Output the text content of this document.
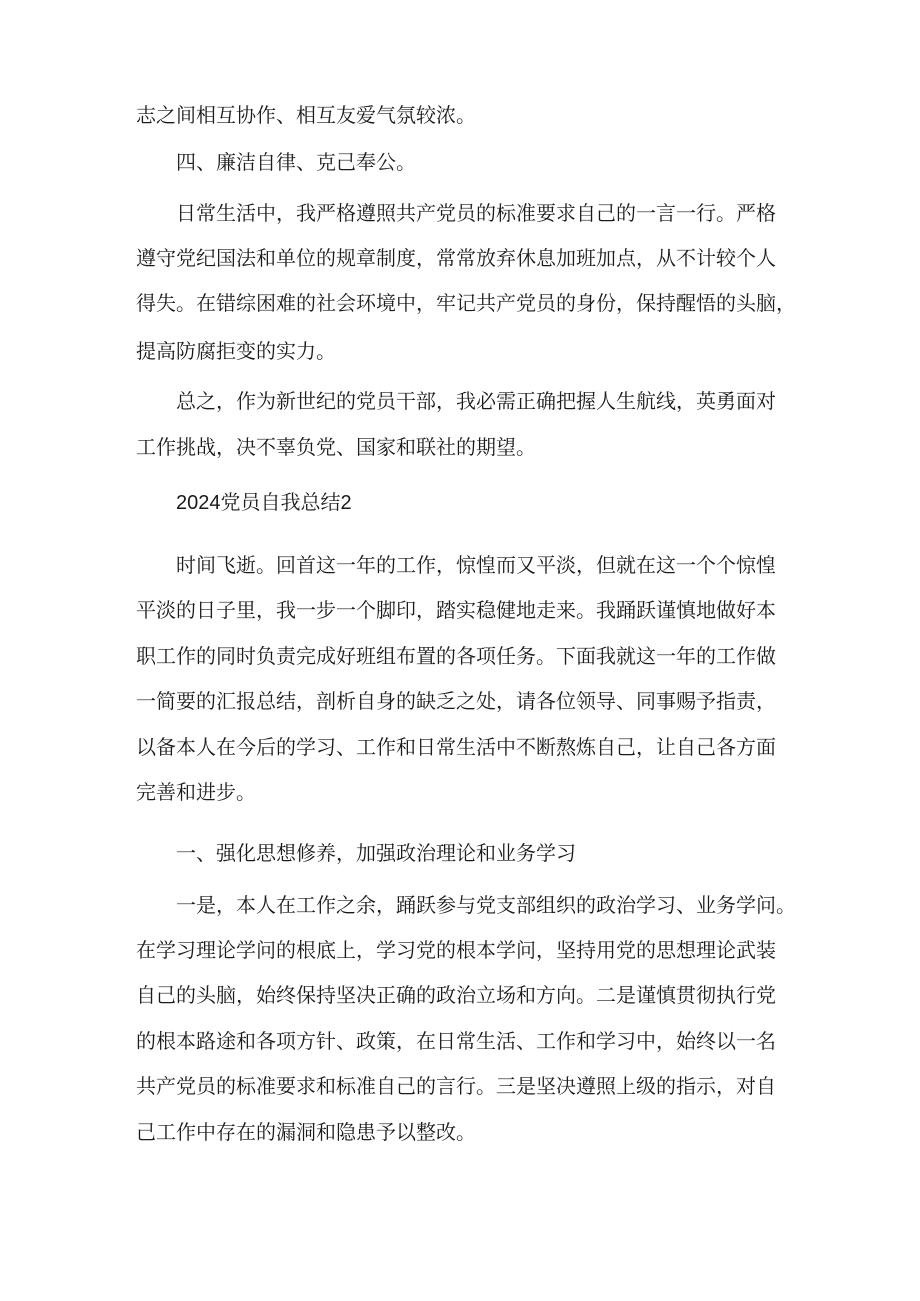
志之间相互协作、相互友爱气氛较浓。
四、廉洁自律、克己奉公。
日常生活中，我严格遵照共产党员的标准要求自己的一言一行。严格
遵守党纪国法和单位的规章制度，常常放弃休息加班加点，从不计较个人
得失。在错综困难的社会环境中，牢记共产党员的身份，保持醒悟的头脑，
提高防腐拒变的实力。
总之，作为新世纪的党员干部，我必需正确把握人生航线，英勇面对
工作挑战，决不辜负党、国家和联社的期望。
2024党员自我总结2
时间飞逝。回首这一年的工作，惊惶而又平淡，但就在这一个个惊惶
平淡的日子里，我一步一个脚印，踏实稳健地走来。我踊跃谨慎地做好本
职工作的同时负责完成好班组布置的各项任务。下面我就这一年的工作做
一简要的汇报总结，剖析自身的缺乏之处，请各位领导、同事赐予指责，
以备本人在今后的学习、工作和日常生活中不断熬炼自己，让自己各方面
完善和进步。
一、强化思想修养，加强政治理论和业务学习
一是，本人在工作之余，踊跃参与党支部组织的政治学习、业务学问。
在学习理论学问的根底上，学习党的根本学问，坚持用党的思想理论武装
自己的头脑，始终保持坚决正确的政治立场和方向。二是谨慎贯彻执行党
的根本路途和各项方针、政策，在日常生活、工作和学习中，始终以一名
共产党员的标准要求和标准自己的言行。三是坚决遵照上级的指示，对自
己工作中存在的漏洞和隐患予以整改。
